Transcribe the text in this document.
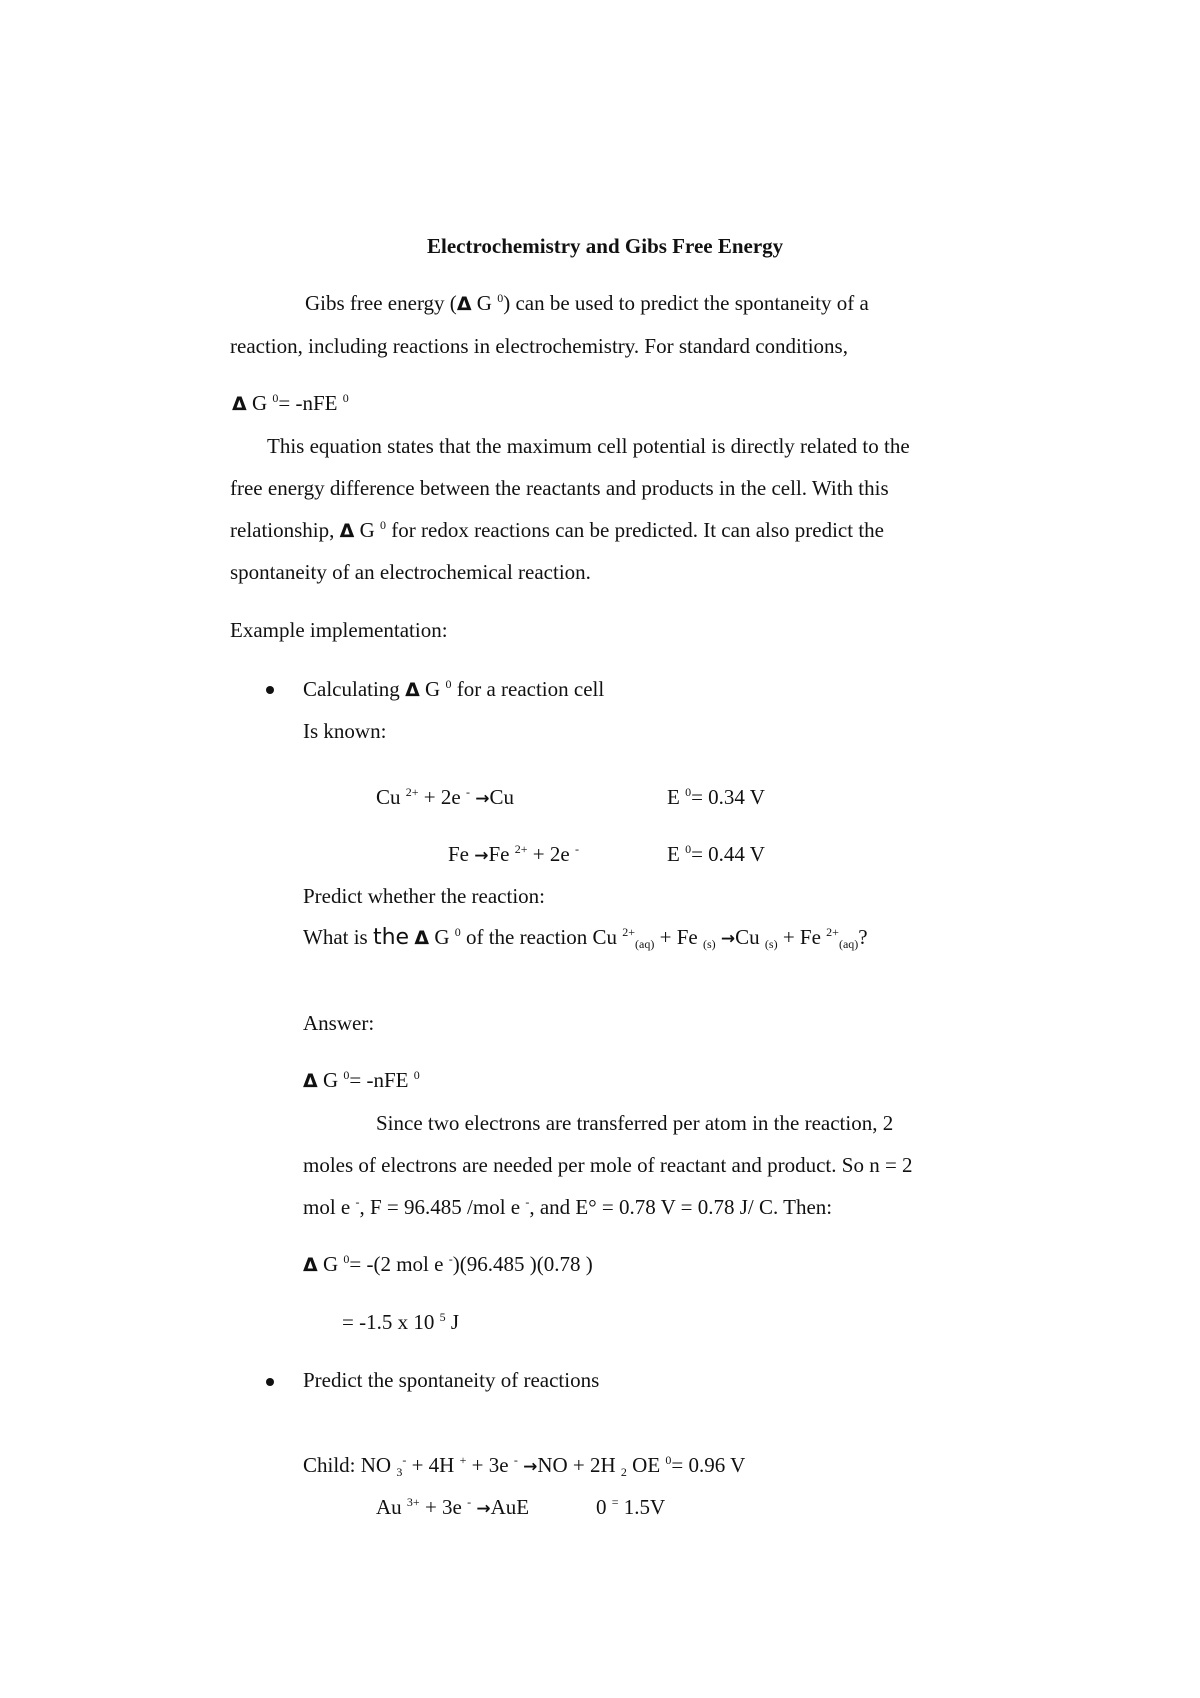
Electrochemistry and Gibs Free Energy
Gibs free energy (Δ G $^0$) can be used to predict the spontaneity of a
reaction, including reactions in electrochemistry. For standard conditions,
Δ G $^0$= -nFE $^0$
This equation states that the maximum cell potential is directly related to the
free energy difference between the reactants and products in the cell. With this
relationship, Δ G $^0$ for redox reactions can be predicted. It can also predict the
spontaneity of an electrochemical reaction.
Example implementation:
Calculating Δ G $^0$ for a reaction cell
Is known:
Cu $^{2+}$ + 2e - →Cu	E $^0$= 0.34 V
Fe →Fe $^{2+}$ + 2e -	E $^0$= 0.44 V
Predict whether the reaction:
What is the Δ G $^0$ of the reaction Cu $^{2+}_{(aq)}$ + Fe $_{(s)}$ →Cu $_{(s)}$ + Fe $^{2+}_{(aq)}$?
Answer:
Δ G $^0$= -nFE $^0$
Since two electrons are transferred per atom in the reaction, 2
moles of electrons are needed per mole of reactant and product. So n = 2
mol e -, F = 96.485 /mol e -, and E° = 0.78 V = 0.78 J/ C. Then:
Δ G $^0$= -(2 mol e -)(96.485 )(0.78 )
= -1.5 x 10 $^5$ J
Predict the spontaneity of reactions
Child: NO $_3$- + 4H + + 3e - →NO + 2H $_2$ OE $^0$= 0.96 V
Au $^{3+}$ + 3e - →AuE	0 = 1.5V
